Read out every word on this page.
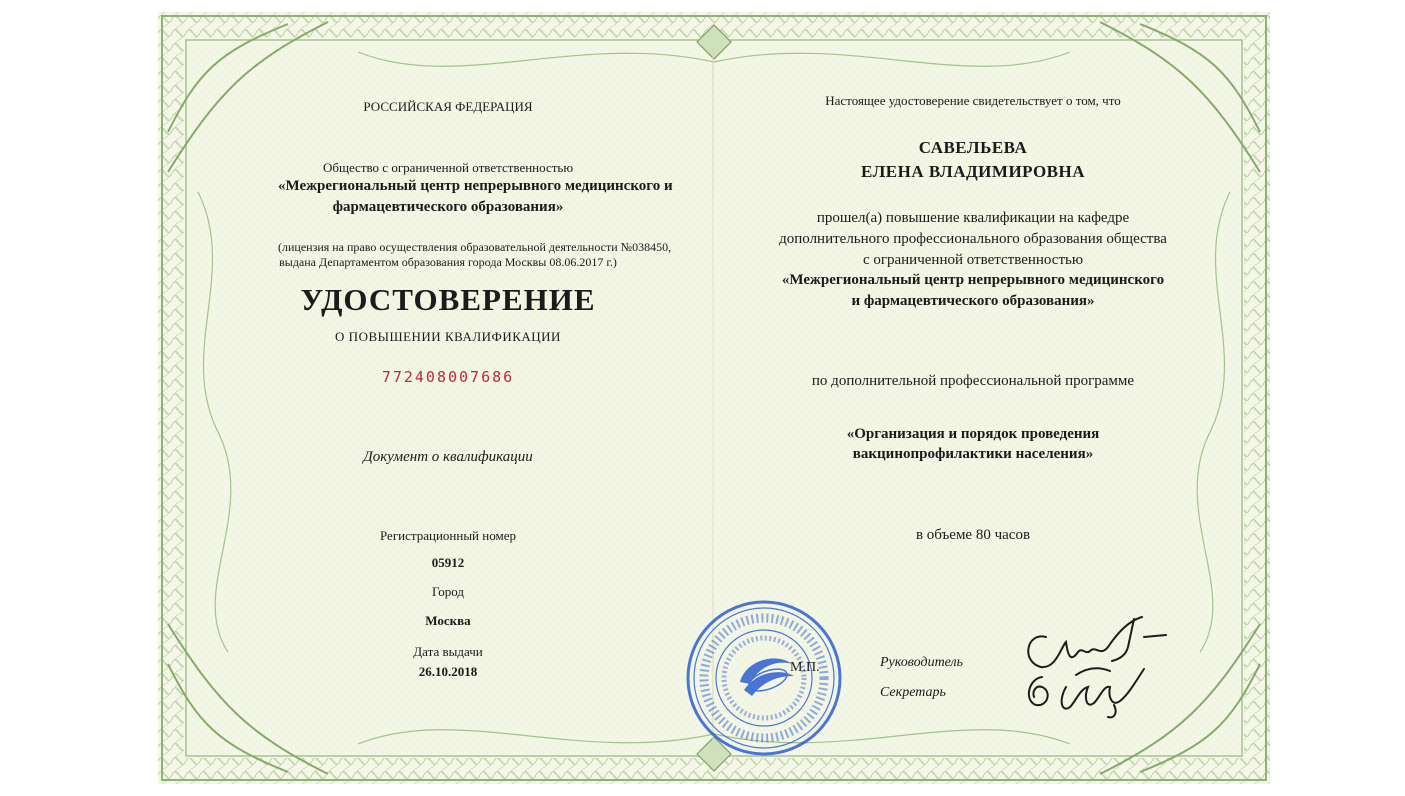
РОССИЙСКАЯ ФЕДЕРАЦИЯ
Общество с ограниченной ответственностью
«Межрегиональный центр непрерывного медицинского и
фармацевтического образования»
(лицензия на право осуществления образовательной деятельности №038450,
выдана Департаментом образования города Москвы 08.06.2017 г.)
УДОСТОВЕРЕНИЕ
О ПОВЫШЕНИИ КВАЛИФИКАЦИИ
772408007686
Документ о квалификации
Регистрационный номер
05912
Город
Москва
Дата выдачи
26.10.2018
Настоящее удостоверение свидетельствует о том, что
САВЕЛЬЕВА
ЕЛЕНА ВЛАДИМИРОВНА
прошел(а) повышение квалификации на кафедре
дополнительного профессионального образования общества
с ограниченной ответственностью
«Межрегиональный центр непрерывного медицинского
и фармацевтического образования»
по дополнительной профессиональной программе
«Организация и порядок проведения
вакцинопрофилактики населения»
в объеме 80 часов
М.П.	Руководитель
Секретарь
